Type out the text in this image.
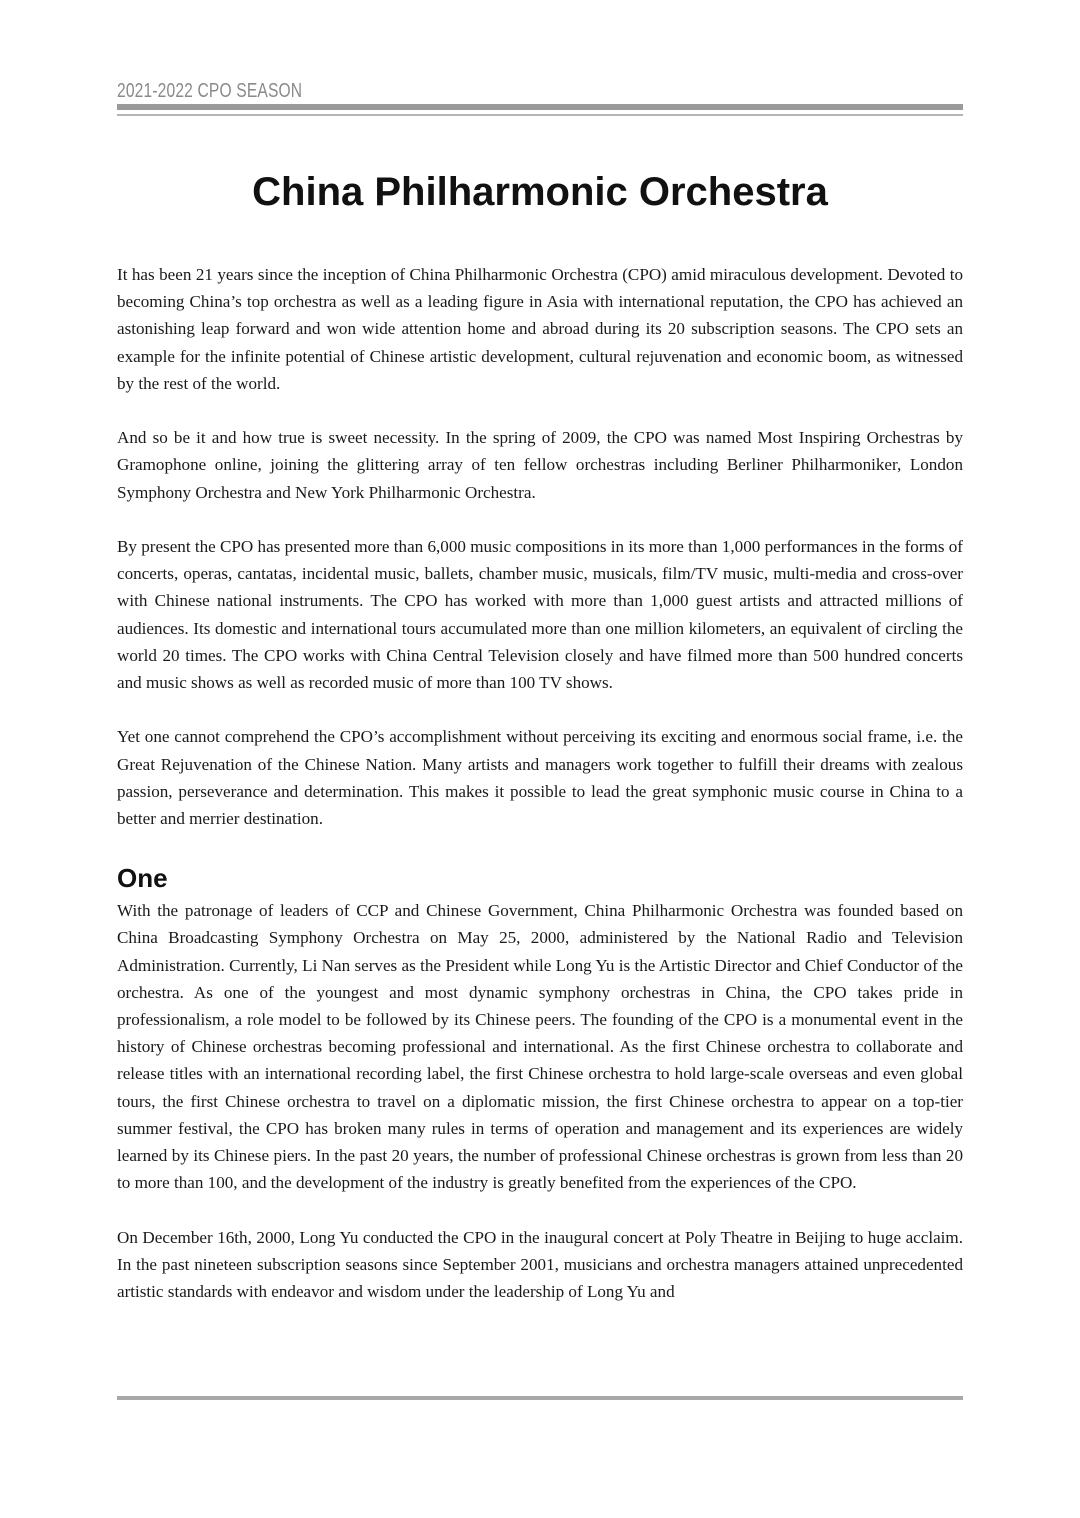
2021-2022 CPO SEASON
China Philharmonic Orchestra

It has been 21 years since the inception of China Philharmonic Orchestra (CPO) amid miraculous development. Devoted to becoming China’s top orchestra as well as a leading figure in Asia with international reputation, the CPO has achieved an astonishing leap forward and won wide attention home and abroad during its 20 subscription seasons. The CPO sets an example for the infinite potential of Chinese artistic development, cultural rejuvenation and economic boom, as witnessed by the rest of the world.

And so be it and how true is sweet necessity. In the spring of 2009, the CPO was named Most Inspiring Orchestras by Gramophone online, joining the glittering array of ten fellow orchestras including Berliner Philharmoniker, London Symphony Orchestra and New York Philharmonic Orchestra.

By present the CPO has presented more than 6,000 music compositions in its more than 1,000 performances in the forms of concerts, operas, cantatas, incidental music, ballets, chamber music, musicals, film/TV music, multi-media and cross-over with Chinese national instruments. The CPO has worked with more than 1,000 guest artists and attracted millions of audiences. Its domestic and international tours accumulated more than one million kilometers, an equivalent of circling the world 20 times. The CPO works with China Central Television closely and have filmed more than 500 hundred concerts and music shows as well as recorded music of more than 100 TV shows.

Yet one cannot comprehend the CPO’s accomplishment without perceiving its exciting and enormous social frame, i.e. the Great Rejuvenation of the Chinese Nation. Many artists and managers work together to fulfill their dreams with zealous passion, perseverance and determination. This makes it possible to lead the great symphonic music course in China to a better and merrier destination.

One

With the patronage of leaders of CCP and Chinese Government, China Philharmonic Orchestra was founded based on China Broadcasting Symphony Orchestra on May 25, 2000, administered by the National Radio and Television Administration. Currently, Li Nan serves as the President while Long Yu is the Artistic Director and Chief Conductor of the orchestra. As one of the youngest and most dynamic symphony orchestras in China, the CPO takes pride in professionalism, a role model to be followed by its Chinese peers. The founding of the CPO is a monumental event in the history of Chinese orchestras becoming professional and international. As the first Chinese orchestra to collaborate and release titles with an international recording label, the first Chinese orchestra to hold large-scale overseas and even global tours, the first Chinese orchestra to travel on a diplomatic mission, the first Chinese orchestra to appear on a top-tier summer festival, the CPO has broken many rules in terms of operation and management and its experiences are widely learned by its Chinese piers. In the past 20 years, the number of professional Chinese orchestras is grown from less than 20 to more than 100, and the development of the industry is greatly benefited from the experiences of the CPO.

On December 16th, 2000, Long Yu conducted the CPO in the inaugural concert at Poly Theatre in Beijing to huge acclaim. In the past nineteen subscription seasons since September 2001, musicians and orchestra managers attained unprecedented artistic standards with endeavor and wisdom under the leadership of Long Yu and
